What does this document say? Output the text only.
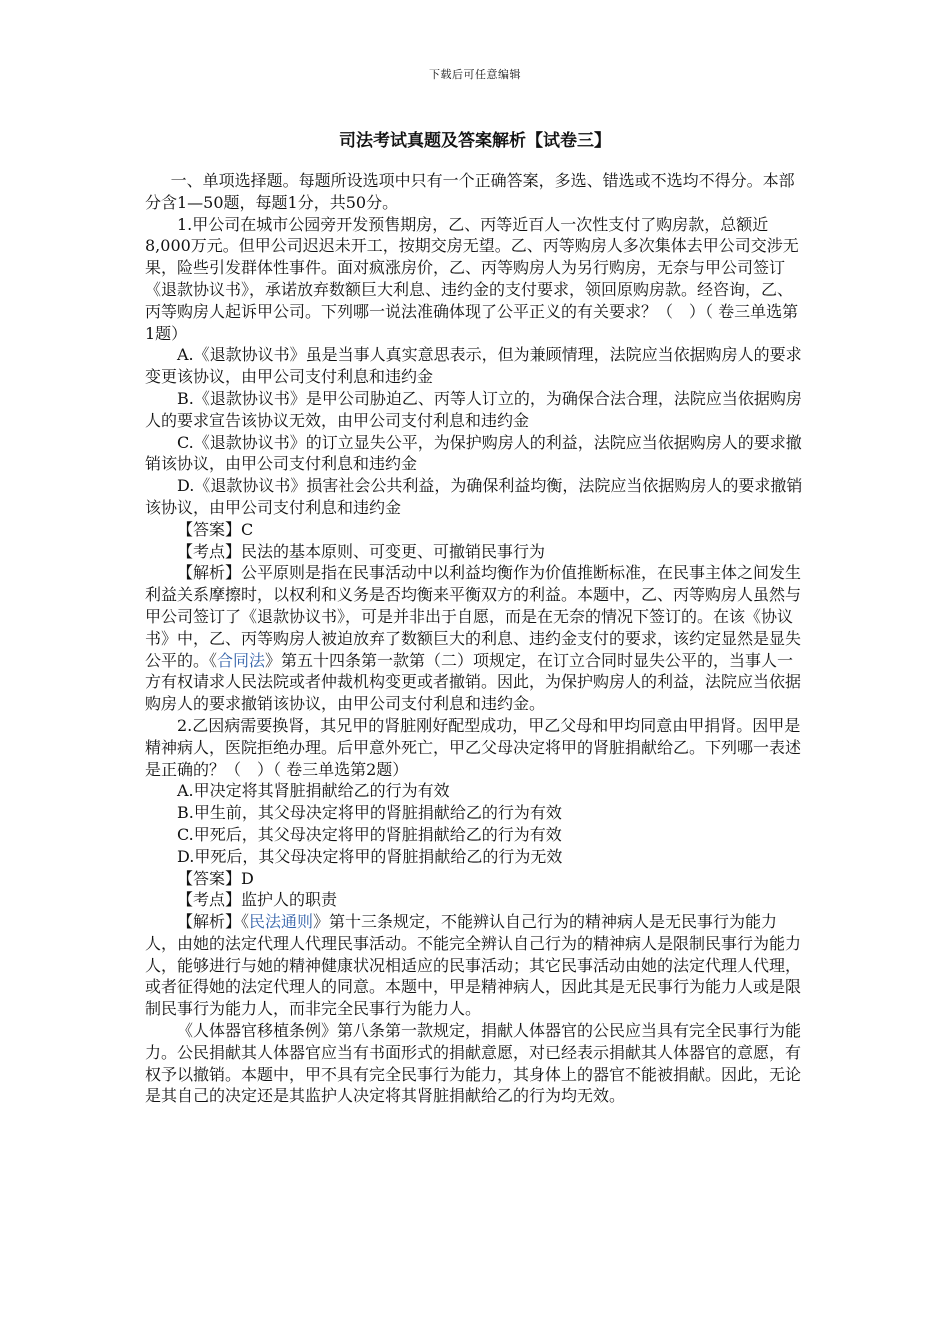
下载后可任意编辑
司法考试真题及答案解析【试卷三】

一、单项选择题。每题所设选项中只有一个正确答案，多选、错选或不选均不得分。本部分含1—50题，每题1分，共50分。

1.甲公司在城市公园旁开发预售期房，乙、丙等近百人一次性支付了购房款，总额近8,000万元。但甲公司迟迟未开工，按期交房无望。乙、丙等购房人多次集体去甲公司交涉无果，险些引发群体性事件。面对疯涨房价，乙、丙等购房人为另行购房，无奈与甲公司签订《退款协议书》，承诺放弃数额巨大利息、违约金的支付要求，领回原购房款。经咨询，乙、丙等购房人起诉甲公司。下列哪一说法准确体现了公平正义的有关要求？（　）（ 卷三单选第1题）

A.《退款协议书》虽是当事人真实意思表示，但为兼顾情理，法院应当依据购房人的要求变更该协议，由甲公司支付利息和违约金

B.《退款协议书》是甲公司胁迫乙、丙等人订立的，为确保合法合理，法院应当依据购房人的要求宣告该协议无效，由甲公司支付利息和违约金

C.《退款协议书》的订立显失公平，为保护购房人的利益，法院应当依据购房人的要求撤销该协议，由甲公司支付利息和违约金

D.《退款协议书》损害社会公共利益，为确保利益均衡，法院应当依据购房人的要求撤销该协议，由甲公司支付利息和违约金

【答案】C

【考点】民法的基本原则、可变更、可撤销民事行为

【解析】公平原则是指在民事活动中以利益均衡作为价值推断标准，在民事主体之间发生利益关系摩擦时，以权利和义务是否均衡来平衡双方的利益。本题中，乙、丙等购房人虽然与甲公司签订了《退款协议书》，可是并非出于自愿，而是在无奈的情况下签订的。在该《协议书》中，乙、丙等购房人被迫放弃了数额巨大的利息、违约金支付的要求，该约定显然是显失公平的。《合同法》第五十四条第一款第（二）项规定，在订立合同时显失公平的，当事人一方有权请求人民法院或者仲裁机构变更或者撤销。因此，为保护购房人的利益，法院应当依据购房人的要求撤销该协议，由甲公司支付利息和违约金。

2.乙因病需要换肾，其兄甲的肾脏刚好配型成功，甲乙父母和甲均同意由甲捐肾。因甲是精神病人，医院拒绝办理。后甲意外死亡，甲乙父母决定将甲的肾脏捐献给乙。下列哪一表述是正确的？（　）（ 卷三单选第2题）

A.甲决定将其肾脏捐献给乙的行为有效

B.甲生前，其父母决定将甲的肾脏捐献给乙的行为有效

C.甲死后，其父母决定将甲的肾脏捐献给乙的行为有效

D.甲死后，其父母决定将甲的肾脏捐献给乙的行为无效

【答案】D

【考点】监护人的职责

【解析】《民法通则》第十三条规定，不能辨认自己行为的精神病人是无民事行为能力人，由她的法定代理人代理民事活动。不能完全辨认自己行为的精神病人是限制民事行为能力人，能够进行与她的精神健康状况相适应的民事活动；其它民事活动由她的法定代理人代理，或者征得她的法定代理人的同意。本题中，甲是精神病人，因此其是无民事行为能力人或是限制民事行为能力人，而非完全民事行为能力人。

《人体器官移植条例》第八条第一款规定，捐献人体器官的公民应当具有完全民事行为能力。公民捐献其人体器官应当有书面形式的捐献意愿，对已经表示捐献其人体器官的意愿，有权予以撤销。本题中，甲不具有完全民事行为能力，其身体上的器官不能被捐献。因此，无论是其自己的决定还是其监护人决定将其肾脏捐献给乙的行为均无效。
